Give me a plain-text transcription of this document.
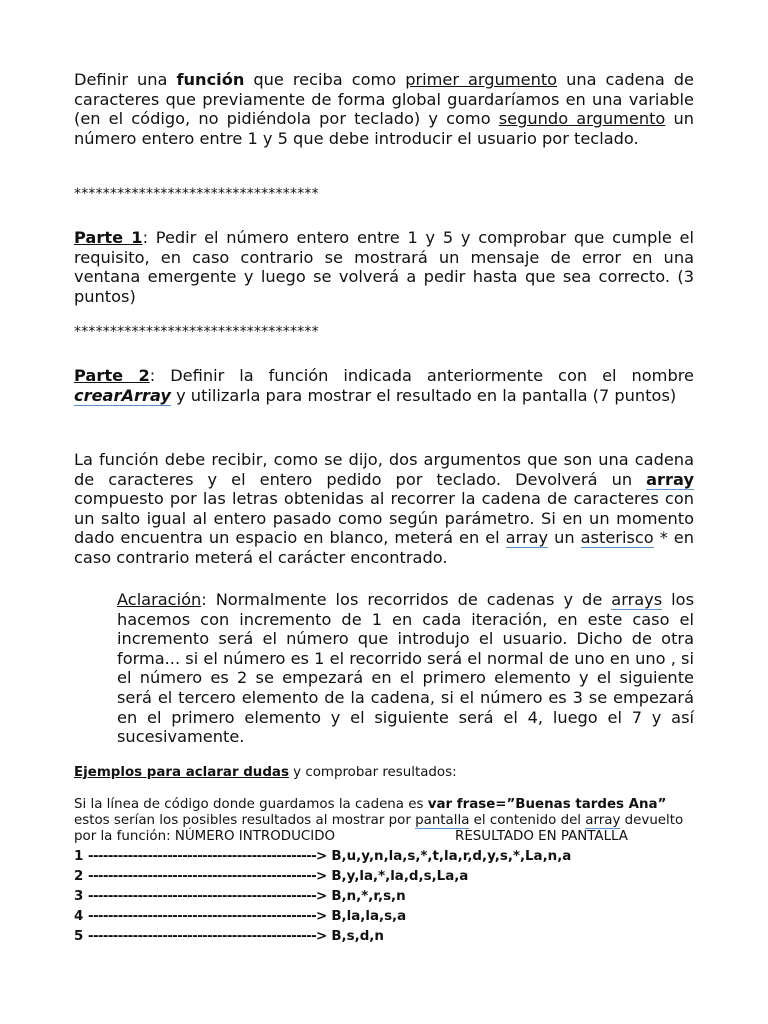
Definir una función que reciba como primer argumento una cadena de caracteres que previamente de forma global guardaríamos en una variable (en el código, no pidiéndola por teclado) y como segundo argumento un número entero entre 1 y 5 que debe introducir el usuario por teclado.

**********************************

Parte 1: Pedir el número entero entre 1 y 5 y comprobar que cumple el requisito, en caso contrario se mostrará un mensaje de error en una ventana emergente y luego se volverá a pedir hasta que sea correcto. (3 puntos)

**********************************

Parte 2: Definir la función indicada anteriormente con el nombre crearArray y utilizarla para mostrar el resultado en la pantalla (7 puntos)

La función debe recibir, como se dijo, dos argumentos que son una cadena de caracteres y el entero pedido por teclado. Devolverá un array compuesto por las letras obtenidas al recorrer la cadena de caracteres con un salto igual al entero pasado como según parámetro. Si en un momento dado encuentra un espacio en blanco, meterá en el array un asterisco * en caso contrario meterá el carácter encontrado.

Aclaración: Normalmente los recorridos de cadenas y de arrays los hacemos con incremento de 1 en cada iteración, en este caso el incremento será el número que introdujo el usuario. Dicho de otra forma... si el número es 1 el recorrido será el normal de uno en uno , si el número es 2 se empezará en el primero elemento y el siguiente será el tercero elemento de la cadena, si el número es 3 se empezará en el primero elemento y el siguiente será el 4, luego el 7 y así sucesivamente.

Ejemplos para aclarar dudas y comprobar resultados:

Si la línea de código donde guardamos la cadena es var frase=”Buenas tardes Ana” estos serían los posibles resultados al mostrar por pantalla el contenido del array devuelto por la función: NÚMERO INTRODUCIDO	RESULTADO EN PANTALLA

1 ----------------------------------------------> B,u,y,n,la,s,*,t,la,r,d,y,s,*,La,n,a
2 ----------------------------------------------> B,y,la,*,la,d,s,La,a
3 ----------------------------------------------> B,n,*,r,s,n
4 ----------------------------------------------> B,la,la,s,a
5 ----------------------------------------------> B,s,d,n
